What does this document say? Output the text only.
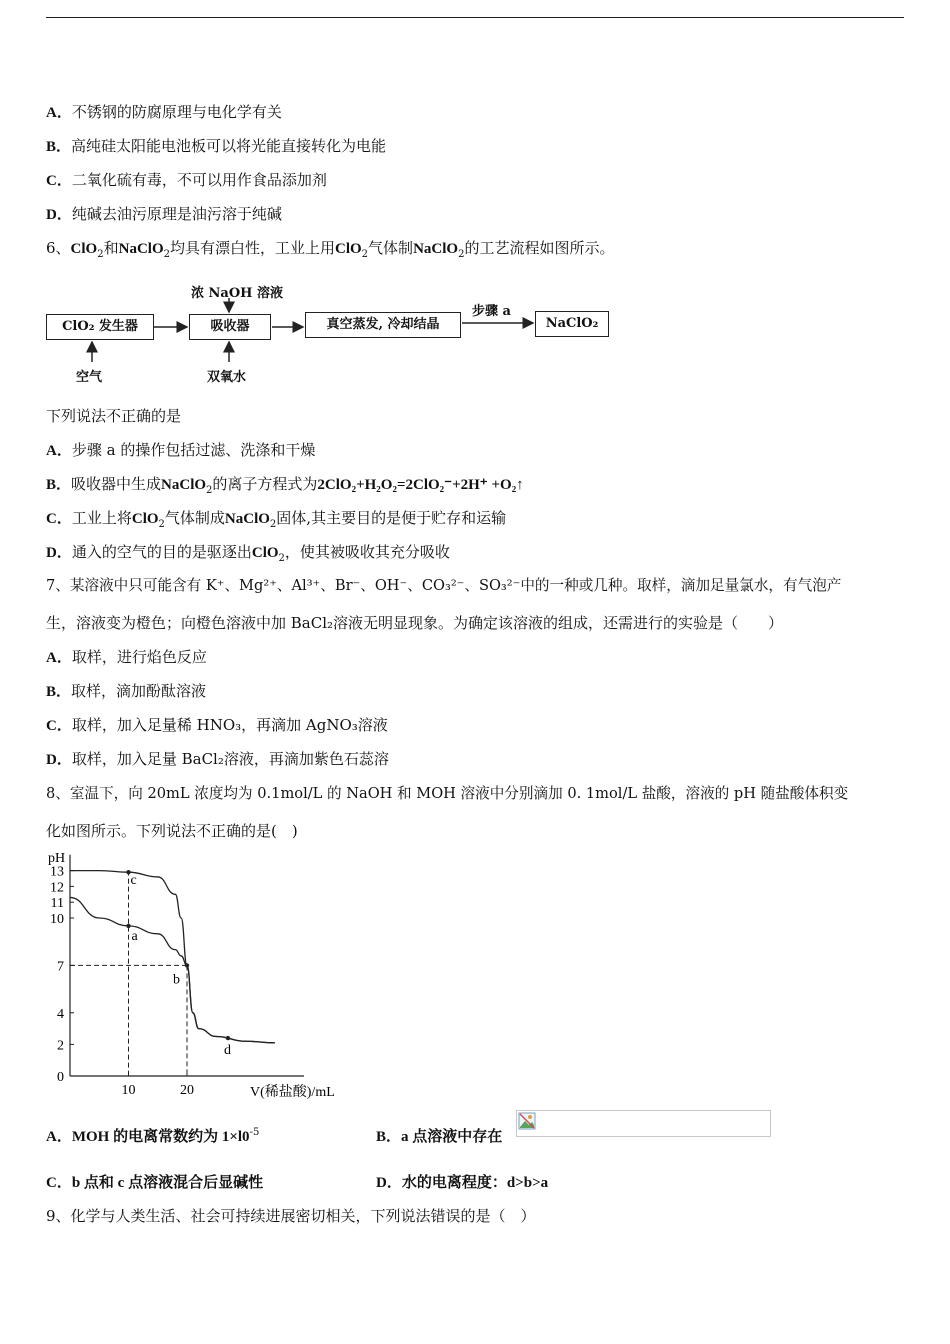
A．不锈钢的防腐原理与电化学有关
B．高纯硅太阳能电池板可以将光能直接转化为电能
C．二氧化硫有毒，不可以用作食品添加剂
D．纯碱去油污原理是油污溶于纯碱
6、ClO$_2$和NaClO$_2$均具有漂白性，工业上用ClO$_2$气体制NaClO$_2$的工艺流程如图所示。
浓 NaOH 溶液
ClO₂ 发生器	吸收器	真空蒸发, 冷却结晶
步骤 a
NaClO₂
空气	双氧水
下列说法不正确的是
A．步骤 a 的操作包括过滤、洗涤和干燥
B．吸收器中生成NaClO$_2$的离子方程式为2ClO₂+H₂O₂=2ClO₂⁻+2H⁺ +O₂↑
C．工业上将ClO$_2$气体制成NaClO$_2$固体,其主要目的是便于贮存和运输
D．通入的空气的目的是驱逐出ClO$_2$，使其被吸收其充分吸收
7、某溶液中只可能含有 K⁺、Mg²⁺、Al³⁺、Br⁻、OH⁻、CO₃²⁻、SO₃²⁻中的一种或几种。取样，滴加足量氯水，有气泡产
生，溶液变为橙色；向橙色溶液中加 BaCl₂溶液无明显现象。为确定该溶液的组成，还需进行的实验是（　　）
A．取样，进行焰色反应
B．取样，滴加酚酞溶液
C．取样，加入足量稀 HNO₃，再滴加 AgNO₃溶液
D．取样，加入足量 BaCl₂溶液，再滴加紫色石蕊溶
8、室温下，向 20mL 浓度均为 0.1mol/L 的 NaOH 和 MOH 溶液中分别滴加 0. 1mol/L 盐酸，溶液的 pH 随盐酸体积变
化如图所示。下列说法不正确的是(　)
0
2
4
7
10
11
12
13
10	20
c
a
b
d
pH
V(稀盐酸)/mL
A．MOH 的电离常数约为 $1\times l0^{-5}$	B．a 点溶液中存在
C．b 点和 c 点溶液混合后显碱性	D．水的电离程度：d>b>a
9、化学与人类生活、社会可持续进展密切相关，下列说法错误的是（　）
